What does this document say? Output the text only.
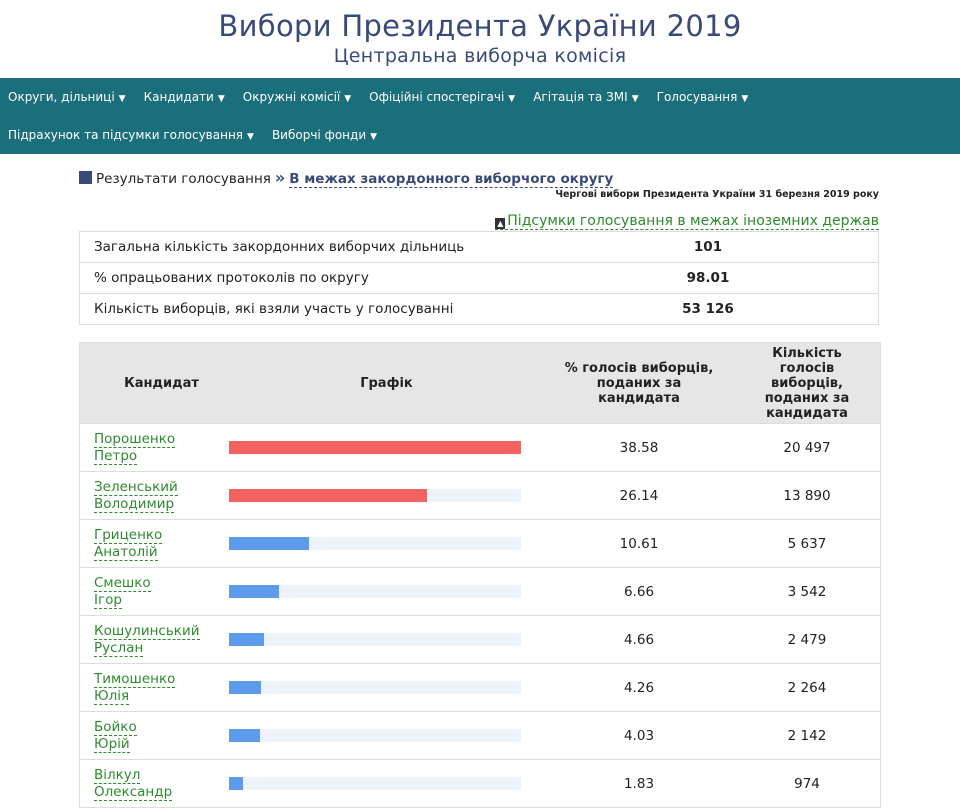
Вибори Президента України 2019
Центральна виборча комісія
Округи, дільниці ▼ Кандидати ▼ Окружні комісії ▼ Офіційні спостерігачі ▼ Агітація та ЗМІ ▼ Голосування ▼
Підрахунок та підсумки голосування ▼ Виборчі фонди ▼
Результати голосування » В межах закордонного виборчого округу
Чергові вибори Президента України 31 березня 2019 року
▲ Підсумки голосування в межах іноземних держав
Загальна кількість закордонних виборчих дільниць	101
% опрацьованих протоколів по округу	98.01
Кількість виборців, які взяли участь у голосуванні	53 126
Кандидат	Графік	% голосів виборців, поданих за кандидата	Кількість голосів виборців, поданих за кандидата
Порошенко
Петро		38.58	20 497
Зеленський
Володимир		26.14	13 890
Гриценко
Анатолій		10.61	5 637
Смешко
Ігор		6.66	3 542
Кошулинський
Руслан		4.66	2 479
Тимошенко
Юлія		4.26	2 264
Бойко
Юрій		4.03	2 142
Вілкул
Олександр		1.83	974
